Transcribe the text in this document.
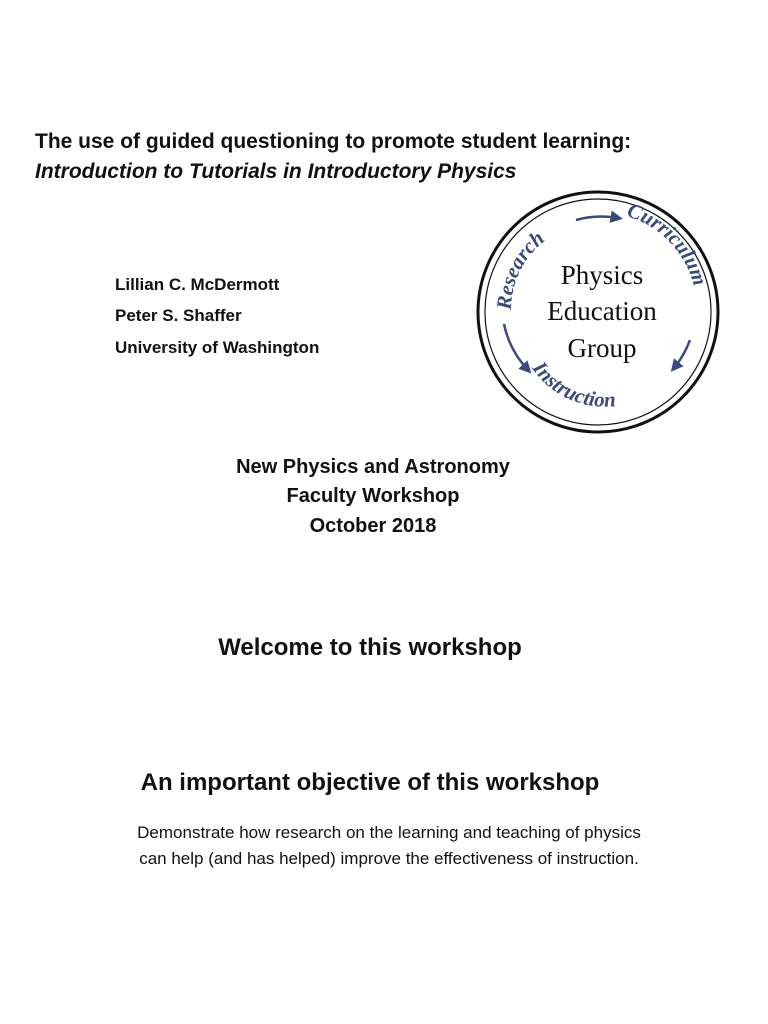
The use of guided questioning to promote student learning:
Introduction to Tutorials in Introductory Physics
Lillian C. McDermott
Peter S. Shaffer
University of Washington
Research
Curriculum
Instruction
Physics
Education
Group
New Physics and Astronomy
Faculty Workshop
October 2018
Welcome to this workshop
An important objective of this workshop
Demonstrate how research on the learning and teaching of physics
can help (and has helped) improve the effectiveness of instruction.
